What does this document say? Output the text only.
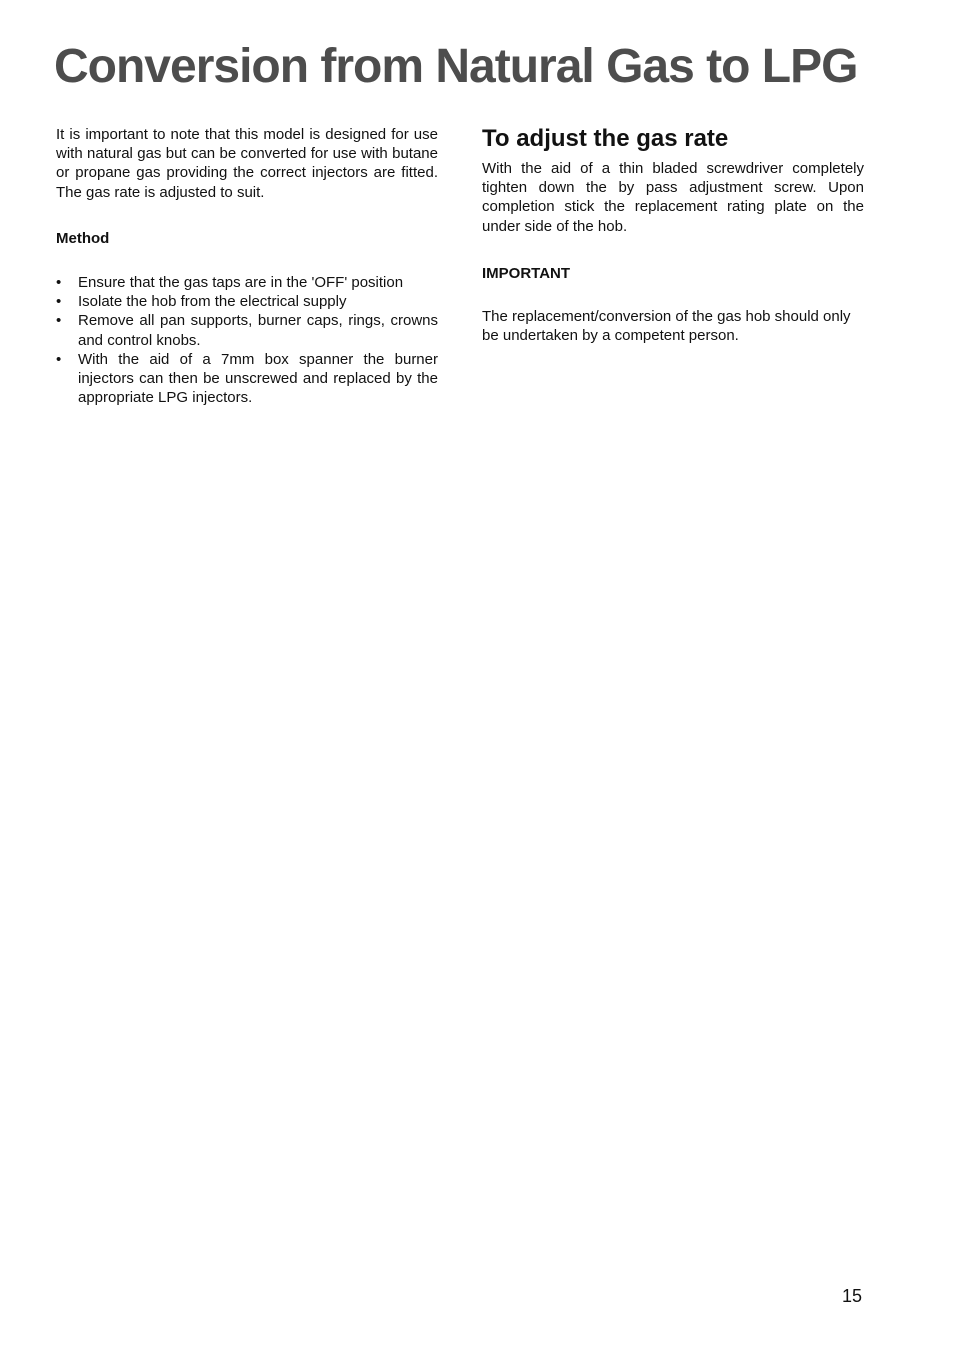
Conversion from Natural Gas to LPG

It is important to note that this model is designed for use with natural gas but can be converted for use with butane or propane gas providing the correct injectors are fitted. The gas rate is adjusted to suit.

Method

• Ensure that the gas taps are in the 'OFF' position
• Isolate the hob from the electrical supply
• Remove all pan supports, burner caps, rings, crowns and control knobs.
• With the aid of a 7mm box spanner the burner injectors can then be unscrewed and replaced by the appropriate LPG injectors.
To adjust the gas rate

With the aid of a thin bladed screwdriver completely tighten down the by pass adjustment screw. Upon completion stick the replacement rating plate on the under side of the hob.

IMPORTANT

The replacement/conversion of the gas hob should only be undertaken by a competent person.

15
